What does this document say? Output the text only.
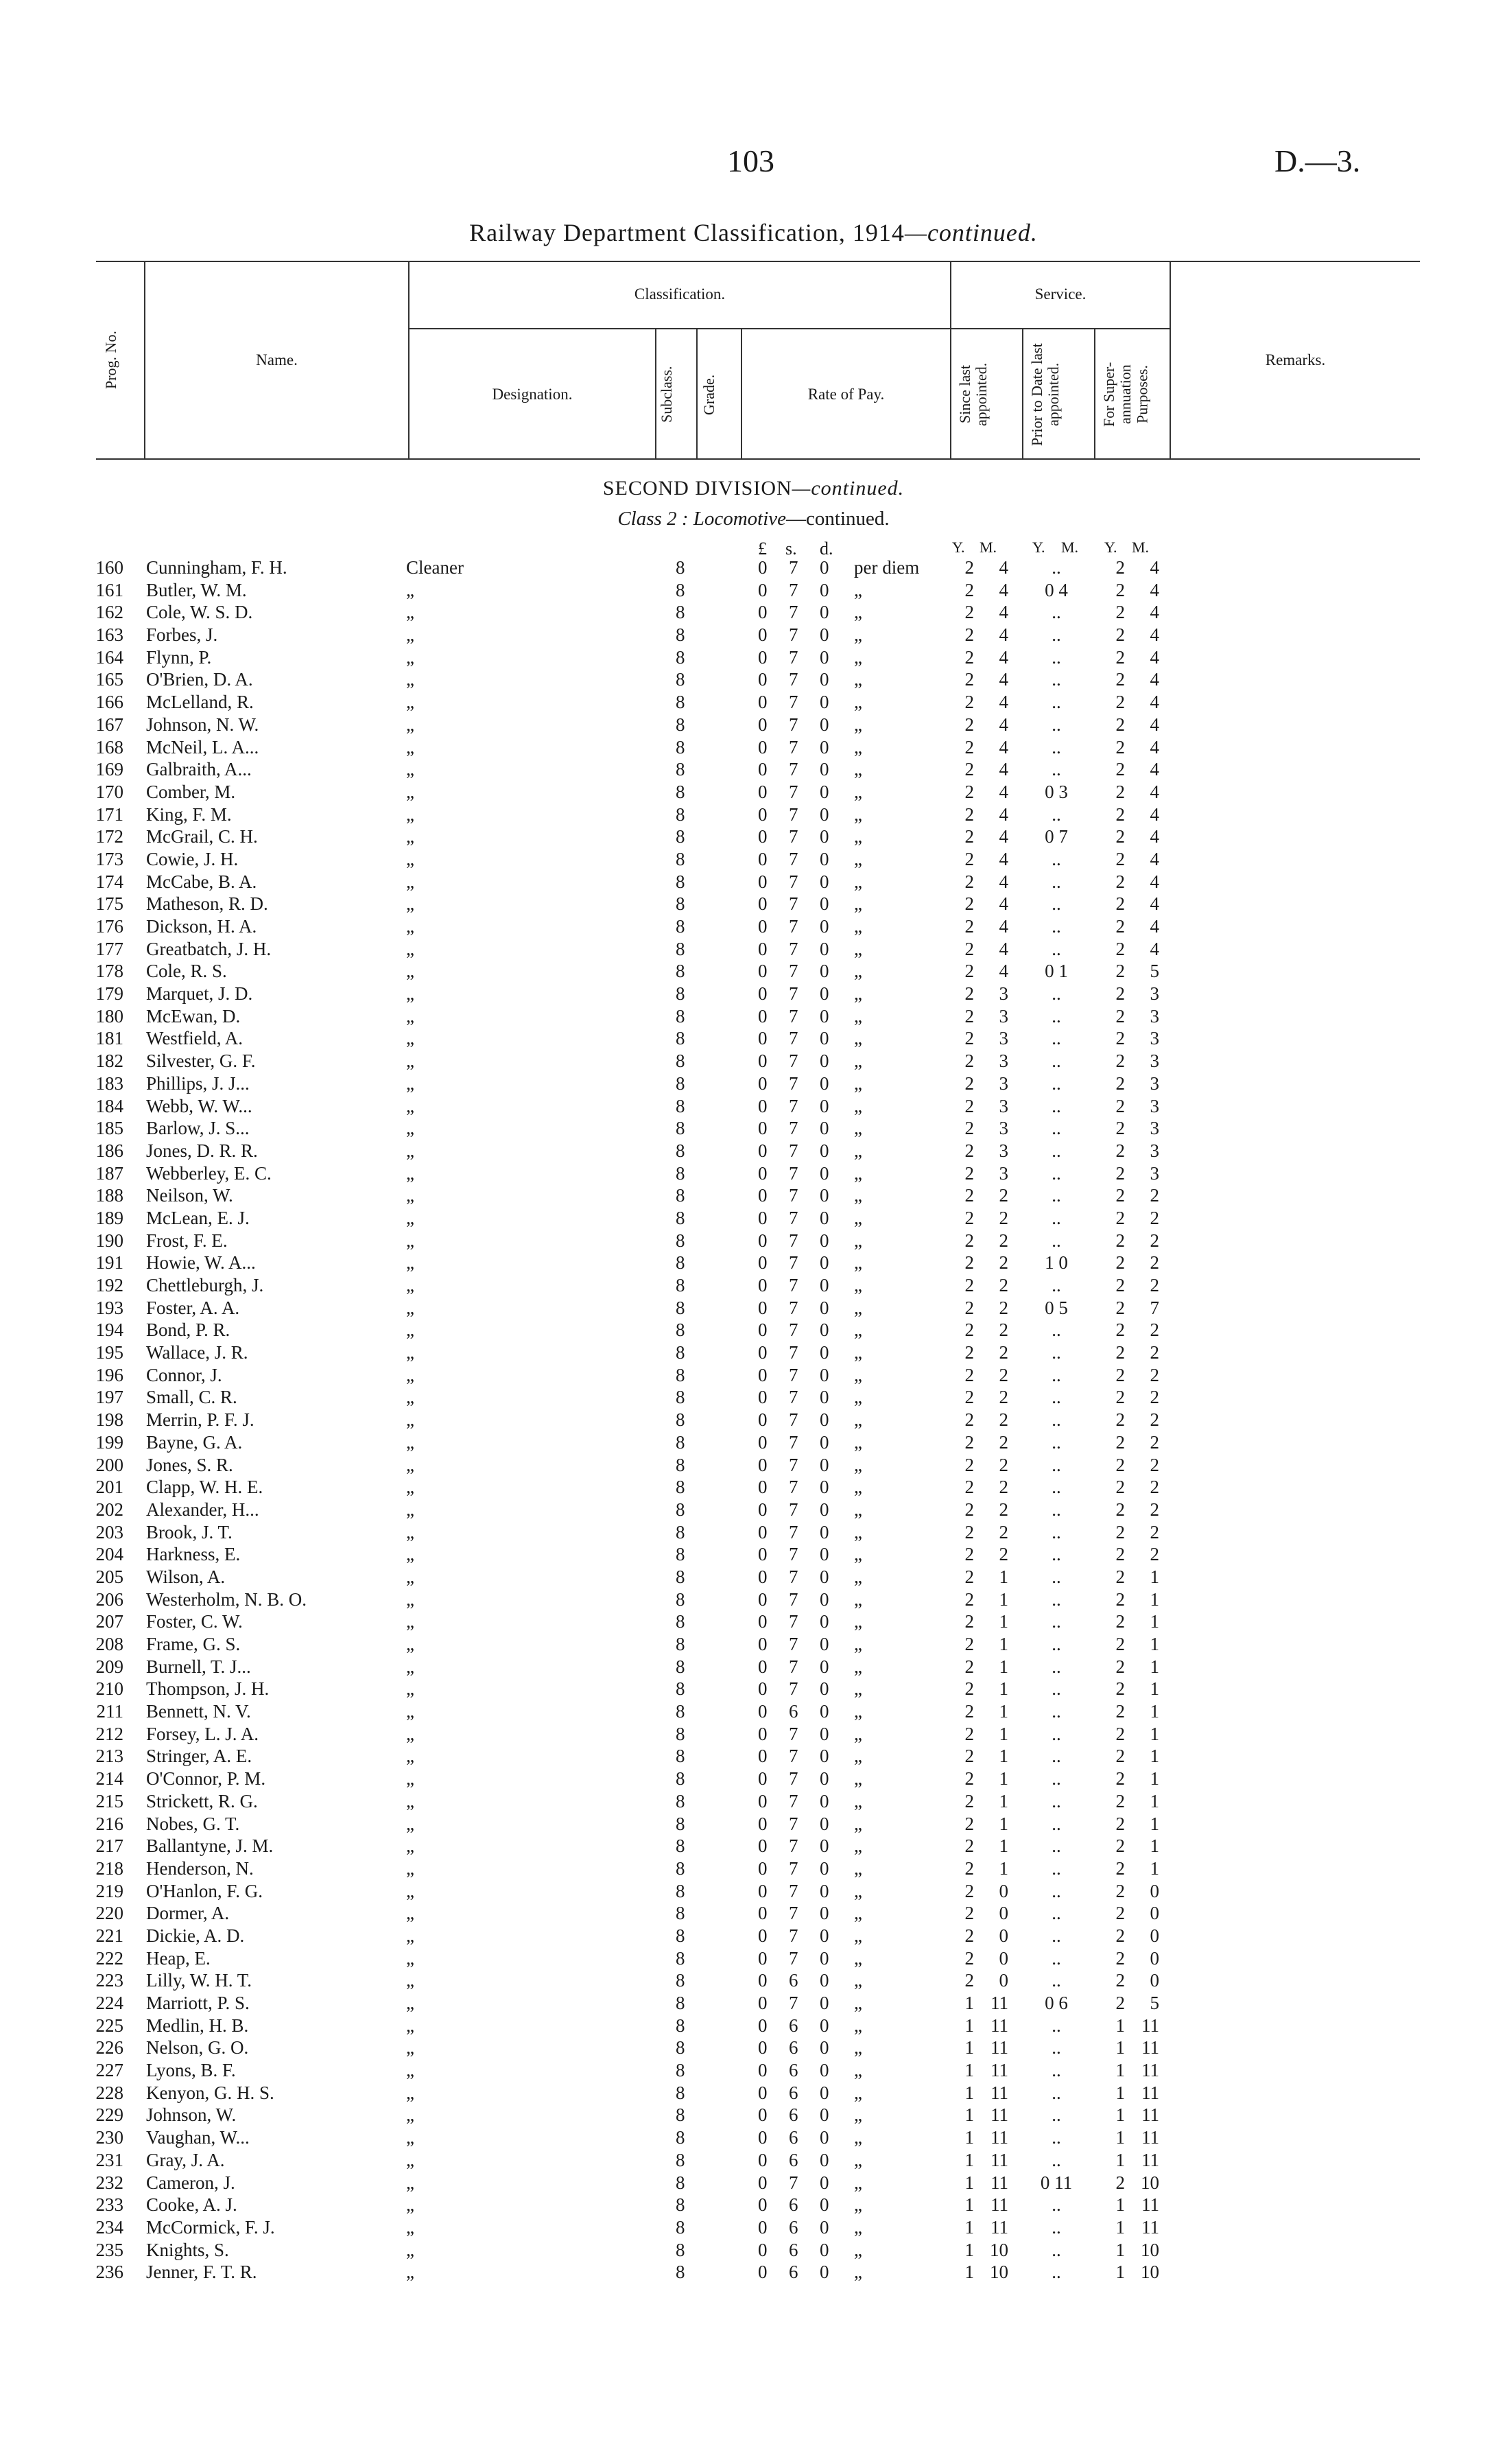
103	D.—3.
Railway Department Classification, 1914—continued.
Prog. No.	Name.
Classification.	Service.
Designation.	Subclass.	Grade.	Rate of Pay.	Since last appointed.	Prior to Date last appointed.	For Super-annuation Purposes.
Remarks.
SECOND DIVISION—continued.
Class 2 : Locomotive—continued.
£ s. d.	Y. M. Y. M. Y. M.
160 Cunningham, F. H.	Cleaner	8	0 7 0 per diem	2	4	..	2	4
161 Butler, W. M.	„	8	0 7 0 „	2	4	0 4	2	4
162 Cole, W. S. D.	„	8	0 7 0 „	2	4	..	2	4
163 Forbes, J.	„	8	0 7 0 „	2	4	..	2	4
164 Flynn, P.	„	8	0 7 0 „	2	4	..	2	4
165 O'Brien, D. A.	„	8	0 7 0 „	2	4	..	2	4
166 McLelland, R.	„	8	0 7 0 „	2	4	..	2	4
167 Johnson, N. W.	„	8	0 7 0 „	2	4	..	2	4
168 McNeil, L. A...	„	8	0 7 0 „	2	4	..	2	4
169 Galbraith, A...	„	8	0 7 0 „	2	4	..	2	4
170 Comber, M.	„	8	0 7 0 „	2	4	0 3	2	4
171 King, F. M.	„	8	0 7 0 „	2	4	..	2	4
172 McGrail, C. H.	„	8	0 7 0 „	2	4	0 7	2	4
173 Cowie, J. H.	„	8	0 7 0 „	2	4	..	2	4
174 McCabe, B. A.	„	8	0 7 0 „	2	4	..	2	4
175 Matheson, R. D.	„	8	0 7 0 „	2	4	..	2	4
176 Dickson, H. A.	„	8	0 7 0 „	2	4	..	2	4
177 Greatbatch, J. H.	„	8	0 7 0 „	2	4	..	2	4
178 Cole, R. S.	„	8	0 7 0 „	2	4	0 1	2	5
179 Marquet, J. D.	„	8	0 7 0 „	2	3	..	2	3
180 McEwan, D.	„	8	0 7 0 „	2	3	..	2	3
181 Westfield, A.	„	8	0 7 0 „	2	3	..	2	3
182 Silvester, G. F.	„	8	0 7 0 „	2	3	..	2	3
183 Phillips, J. J...	„	8	0 7 0 „	2	3	..	2	3
184 Webb, W. W...	„	8	0 7 0 „	2	3	..	2	3
185 Barlow, J. S...	„	8	0 7 0 „	2	3	..	2	3
186 Jones, D. R. R.	„	8	0 7 0 „	2	3	..	2	3
187 Webberley, E. C.	„	8	0 7 0 „	2	3	..	2	3
188 Neilson, W.	„	8	0 7 0 „	2	2	..	2	2
189 McLean, E. J.	„	8	0 7 0 „	2	2	..	2	2
190 Frost, F. E.	„	8	0 7 0 „	2	2	..	2	2
191 Howie, W. A...	„	8	0 7 0 „	2	2	1 0	2	2
192 Chettleburgh, J.	„	8	0 7 0 „	2	2	..	2	2
193 Foster, A. A.	„	8	0 7 0 „	2	2	0 5	2	7
194 Bond, P. R.	„	8	0 7 0 „	2	2	..	2	2
195 Wallace, J. R.	„	8	0 7 0 „	2	2	..	2	2
196 Connor, J.	„	8	0 7 0 „	2	2	..	2	2
197 Small, C. R.	„	8	0 7 0 „	2	2	..	2	2
198 Merrin, P. F. J.	„	8	0 7 0 „	2	2	..	2	2
199 Bayne, G. A.	„	8	0 7 0 „	2	2	..	2	2
200 Jones, S. R.	„	8	0 7 0 „	2	2	..	2	2
201 Clapp, W. H. E.	„	8	0 7 0 „	2	2	..	2	2
202 Alexander, H...	„	8	0 7 0 „	2	2	..	2	2
203 Brook, J. T.	„	8	0 7 0 „	2	2	..	2	2
204 Harkness, E.	„	8	0 7 0 „	2	2	..	2	2
205 Wilson, A.	„	8	0 7 0 „	2	1	..	2	1
206 Westerholm, N. B. O.	„	8	0 7 0 „	2	1	..	2	1
207 Foster, C. W.	„	8	0 7 0 „	2	1	..	2	1
208 Frame, G. S.	„	8	0 7 0 „	2	1	..	2	1
209 Burnell, T. J...	„	8	0 7 0 „	2	1	..	2	1
210 Thompson, J. H.	„	8	0 7 0 „	2	1	..	2	1
211 Bennett, N. V.	„	8	0 6 0 „	2	1	..	2	1
212 Forsey, L. J. A.	„	8	0 7 0 „	2	1	..	2	1
213 Stringer, A. E.	„	8	0 7 0 „	2	1	..	2	1
214 O'Connor, P. M.	„	8	0 7 0 „	2	1	..	2	1
215 Strickett, R. G.	„	8	0 7 0 „	2	1	..	2	1
216 Nobes, G. T.	„	8	0 7 0 „	2	1	..	2	1
217 Ballantyne, J. M.	„	8	0 7 0 „	2	1	..	2	1
218 Henderson, N.	„	8	0 7 0 „	2	1	..	2	1
219 O'Hanlon, F. G.	„	8	0 7 0 „	2	0	..	2	0
220 Dormer, A.	„	8	0 7 0 „	2	0	..	2	0
221 Dickie, A. D.	„	8	0 7 0 „	2	0	..	2	0
222 Heap, E.	„	8	0 7 0 „	2	0	..	2	0
223 Lilly, W. H. T.	„	8	0 6 0 „	2	0	..	2	0
224 Marriott, P. S.	„	8	0 7 0 „	1 11	0 6	2	5
225 Medlin, H. B.	„	8	0 6 0 „	1 11	..	1 11
226 Nelson, G. O.	„	8	0 6 0 „	1 11	..	1 11
227 Lyons, B. F.	„	8	0 6 0 „	1 11	..	1 11
228 Kenyon, G. H. S.	„	8	0 6 0 „	1 11	..	1 11
229 Johnson, W.	„	8	0 6 0 „	1 11	..	1 11
230 Vaughan, W...	„	8	0 6 0 „	1 11	..	1 11
231 Gray, J. A.	„	8	0 6 0 „	1 11	..	1 11
232 Cameron, J.	„	8	0 7 0 „	1 11	0 11	2 10
233 Cooke, A. J.	„	8	0 6 0 „	1 11	..	1 11
234 McCormick, F. J.	„	8	0 6 0 „	1 11	..	1 11
235 Knights, S.	„	8	0 6 0 „	1 10	..	1 10
236 Jenner, F. T. R.	„	8	0 6 0 „	1 10	..	1 10
